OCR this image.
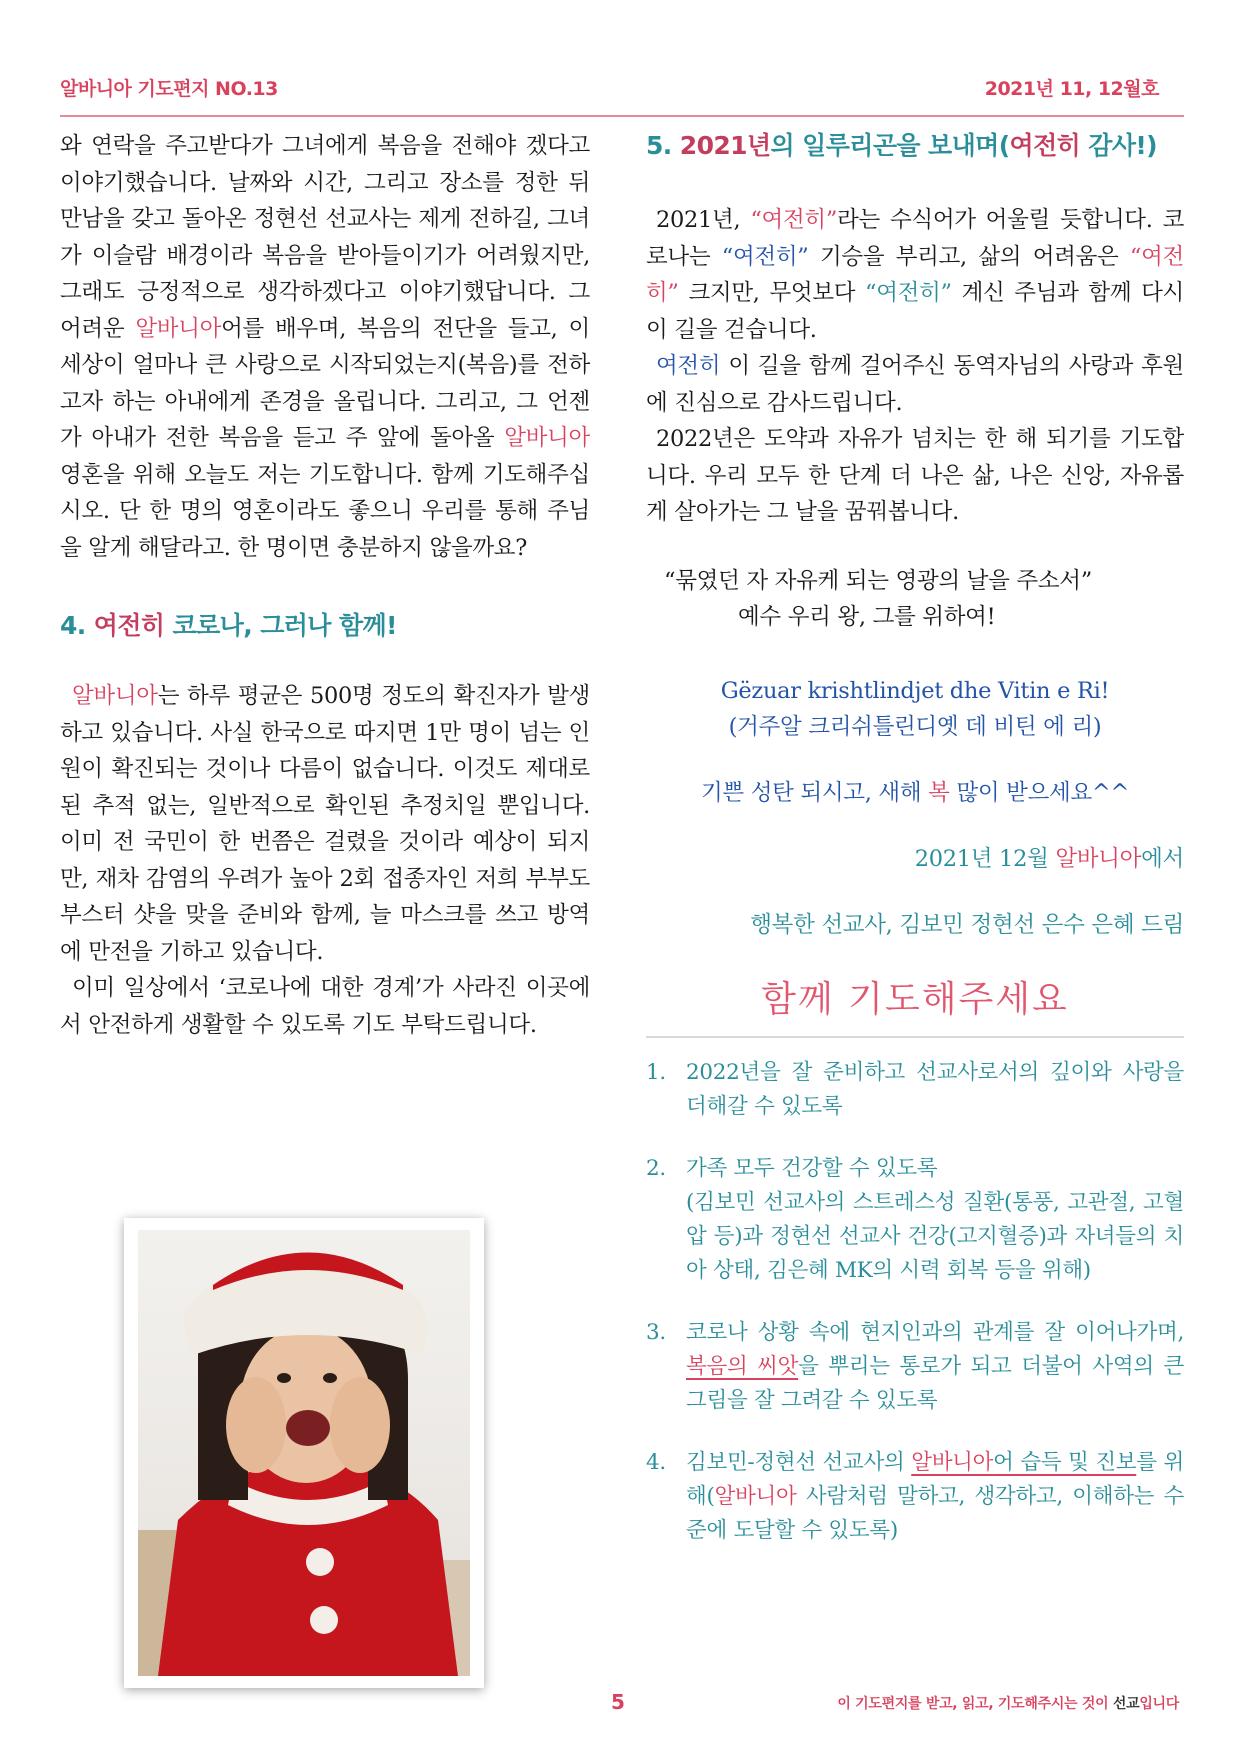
알바니아 기도편지 NO.13	2021년 11, 12월호

와 연락을 주고받다가 그녀에게 복음을 전해야 겠다고 이야기했습니다. 날짜와 시간, 그리고 장소를 정한 뒤 만남을 갖고 돌아온 정현선 선교사는 제게 전하길, 그녀가 이슬람 배경이라 복음을 받아들이기가 어려웠지만, 그래도 긍정적으로 생각하겠다고 이야기했답니다. 그 어려운 알바니아어를 배우며, 복음의 전단을 들고, 이 세상이 얼마나 큰 사랑으로 시작되었는지(복음)를 전하고자 하는 아내에게 존경을 올립니다. 그리고, 그 언젠가 아내가 전한 복음을 듣고 주 앞에 돌아올 알바니아 영혼을 위해 오늘도 저는 기도합니다. 함께 기도해주십시오. 단 한 명의 영혼이라도 좋으니 우리를 통해 주님을 알게 해달라고. 한 명이면 충분하지 않을까요?

4. 여전히 코로나, 그러나 함께!

알바니아는 하루 평균은 500명 정도의 확진자가 발생하고 있습니다. 사실 한국으로 따지면 1만 명이 넘는 인원이 확진되는 것이나 다름이 없습니다. 이것도 제대로 된 추적 없는, 일반적으로 확인된 추정치일 뿐입니다. 이미 전 국민이 한 번쯤은 걸렸을 것이라 예상이 되지만, 재차 감염의 우려가 높아 2회 접종자인 저희 부부도 부스터 샷을 맞을 준비와 함께, 늘 마스크를 쓰고 방역에 만전을 기하고 있습니다.

이미 일상에서 ‘코로나에 대한 경계’가 사라진 이곳에서 안전하게 생활할 수 있도록 기도 부탁드립니다.

5. 2021년의 일루리곤을 보내며(여전히 감사!)

2021년, “여전히”라는 수식어가 어울릴 듯합니다. 코로나는 “여전히” 기승을 부리고, 삶의 어려움은 “여전히” 크지만, 무엇보다 “여전히” 계신 주님과 함께 다시 이 길을 걷습니다.

여전히 이 길을 함께 걸어주신 동역자님의 사랑과 후원에 진심으로 감사드립니다.

2022년은 도약과 자유가 넘치는 한 해 되기를 기도합니다. 우리 모두 한 단계 더 나은 삶, 나은 신앙, 자유롭게 살아가는 그 날을 꿈꿔봅니다.

“묶였던 자 자유케 되는 영광의 날을 주소서”

예수 우리 왕, 그를 위하여!

Gëzuar krishtlindjet dhe Vitin e Ri!

(거주알 크리쉬틀린디옛 데 비틴 에 리)

기쁜 성탄 되시고, 새해 복 많이 받으세요^^

2021년 12월 알바니아에서

행복한 선교사, 김보민 정현선 은수 은혜 드림

함께 기도해주세요
1. 2022년을 잘 준비하고 선교사로서의 깊이와 사랑을 더해갈 수 있도록
2. 가족 모두 건강할 수 있도록
(김보민 선교사의 스트레스성 질환(통풍, 고관절, 고혈압 등)과 정현선 선교사 건강(고지혈증)과 자녀들의 치아 상태, 김은혜 MK의 시력 회복 등을 위해)
3. 코로나 상황 속에 현지인과의 관계를 잘 이어나가며, 복음의 씨앗을 뿌리는 통로가 되고 더불어 사역의 큰 그림을 잘 그려갈 수 있도록
4. 김보민-정현선 선교사의 알바니아어 습득 및 진보를 위해(알바니아 사람처럼 말하고, 생각하고, 이해하는 수준에 도달할 수 있도록)
5	이 기도편지를 받고, 읽고, 기도해주시는 것이 선교입니다
